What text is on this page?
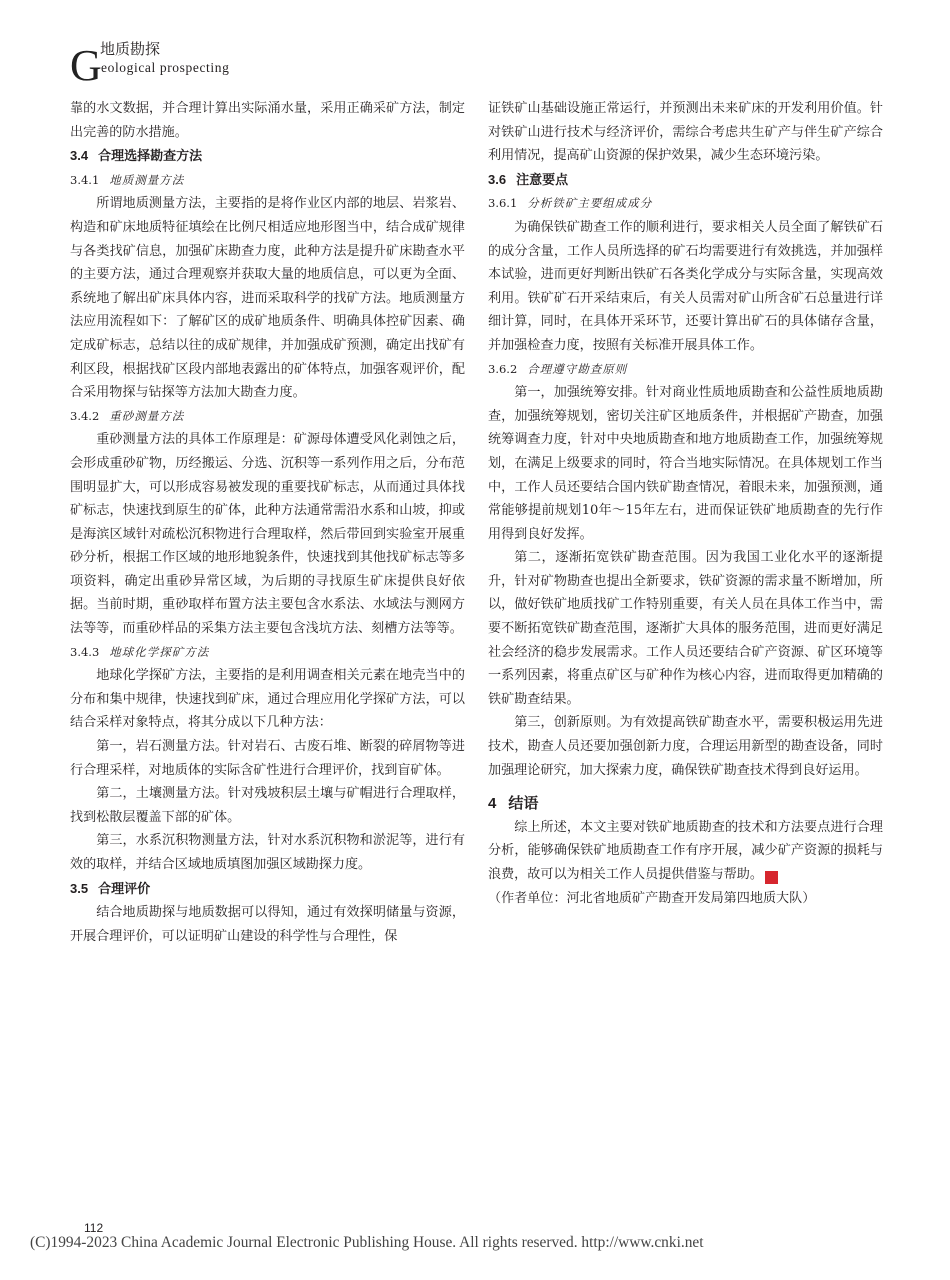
G
地质勘探
eological prospecting

靠的水文数据，并合理计算出实际涌水量，采用正确采矿方法，制定出完善的防水措施。

3.4 合理选择勘查方法

3.4.1 地质测量方法

所谓地质测量方法，主要指的是将作业区内部的地层、岩浆岩、构造和矿床地质特征填绘在比例尺相适应地形图当中，结合成矿规律与各类找矿信息，加强矿床勘查力度，此种方法是提升矿床勘查水平的主要方法，通过合理观察并获取大量的地质信息，可以更为全面、系统地了解出矿床具体内容，进而采取科学的找矿方法。地质测量方法应用流程如下：了解矿区的成矿地质条件、明确具体控矿因素、确定成矿标志，总结以往的成矿规律，并加强成矿预测，确定出找矿有利区段，根据找矿区段内部地表露出的矿体特点，加强客观评价，配合采用物探与钻探等方法加大勘查力度。

3.4.2 重砂测量方法

重砂测量方法的具体工作原理是：矿源母体遭受风化剥蚀之后，会形成重砂矿物，历经搬运、分选、沉积等一系列作用之后，分布范围明显扩大，可以形成容易被发现的重要找矿标志，从而通过具体找矿标志，快速找到原生的矿体，此种方法通常需沿水系和山坡，抑或是海滨区域针对疏松沉积物进行合理取样，然后带回到实验室开展重砂分析，根据工作区域的地形地貌条件，快速找到其他找矿标志等多项资料，确定出重砂异常区域，为后期的寻找原生矿床提供良好依据。当前时期，重砂取样布置方法主要包含水系法、水域法与测网方法等等，而重砂样品的采集方法主要包含浅坑方法、刻槽方法等等。

3.4.3 地球化学探矿方法

地球化学探矿方法，主要指的是利用调查相关元素在地壳当中的分布和集中规律，快速找到矿床，通过合理应用化学探矿方法，可以结合采样对象特点，将其分成以下几种方法：

第一，岩石测量方法。针对岩石、古废石堆、断裂的碎屑物等进行合理采样，对地质体的实际含矿性进行合理评价，找到盲矿体。

第二，土壤测量方法。针对残坡积层土壤与矿帽进行合理取样，找到松散层覆盖下部的矿体。

第三，水系沉积物测量方法，针对水系沉积物和淤泥等，进行有效的取样，并结合区域地质填图加强区域勘探力度。

3.5 合理评价

结合地质勘探与地质数据可以得知，通过有效探明储量与资源，开展合理评价，可以证明矿山建设的科学性与合理性，保

证铁矿山基础设施正常运行，并预测出未来矿床的开发利用价值。针对铁矿山进行技术与经济评价，需综合考虑共生矿产与伴生矿产综合利用情况，提高矿山资源的保护效果，减少生态环境污染。

3.6 注意要点

3.6.1 分析铁矿主要组成成分

为确保铁矿勘查工作的顺利进行，要求相关人员全面了解铁矿石的成分含量，工作人员所选择的矿石均需要进行有效挑选，并加强样本试验，进而更好判断出铁矿石各类化学成分与实际含量，实现高效利用。铁矿矿石开采结束后，有关人员需对矿山所含矿石总量进行详细计算，同时，在具体开采环节，还要计算出矿石的具体储存含量，并加强检查力度，按照有关标准开展具体工作。

3.6.2 合理遵守勘查原则

第一，加强统筹安排。针对商业性质地质勘查和公益性质地质勘查，加强统筹规划，密切关注矿区地质条件，并根据矿产勘查，加强统筹调查力度，针对中央地质勘查和地方地质勘查工作，加强统筹规划，在满足上级要求的同时，符合当地实际情况。在具体规划工作当中，工作人员还要结合国内铁矿勘查情况，着眼未来，加强预测，通常能够提前规划10年～15年左右，进而保证铁矿地质勘查的先行作用得到良好发挥。

第二，逐渐拓宽铁矿勘查范围。因为我国工业化水平的逐渐提升，针对矿物勘查也提出全新要求，铁矿资源的需求量不断增加，所以，做好铁矿地质找矿工作特别重要，有关人员在具体工作当中，需要不断拓宽铁矿勘查范围，逐渐扩大具体的服务范围，进而更好满足社会经济的稳步发展需求。工作人员还要结合矿产资源、矿区环境等一系列因素，将重点矿区与矿种作为核心内容，进而取得更加精确的铁矿勘查结果。

第三，创新原则。为有效提高铁矿勘查水平，需要积极运用先进技术，勘查人员还要加强创新力度，合理运用新型的勘查设备，同时加强理论研究，加大探索力度，确保铁矿勘查技术得到良好运用。

4 结语

综上所述，本文主要对铁矿地质勘查的技术和方法要点进行合理分析，能够确保铁矿地质勘查工作有序开展，减少矿产资源的损耗与浪费，故可以为相关工作人员提供借鉴与帮助。	涵

（作者单位：河北省地质矿产勘查开发局第四地质大队）

112
(C)1994-2023 China Academic Journal Electronic Publishing House. All rights reserved. http://www.cnki.net
